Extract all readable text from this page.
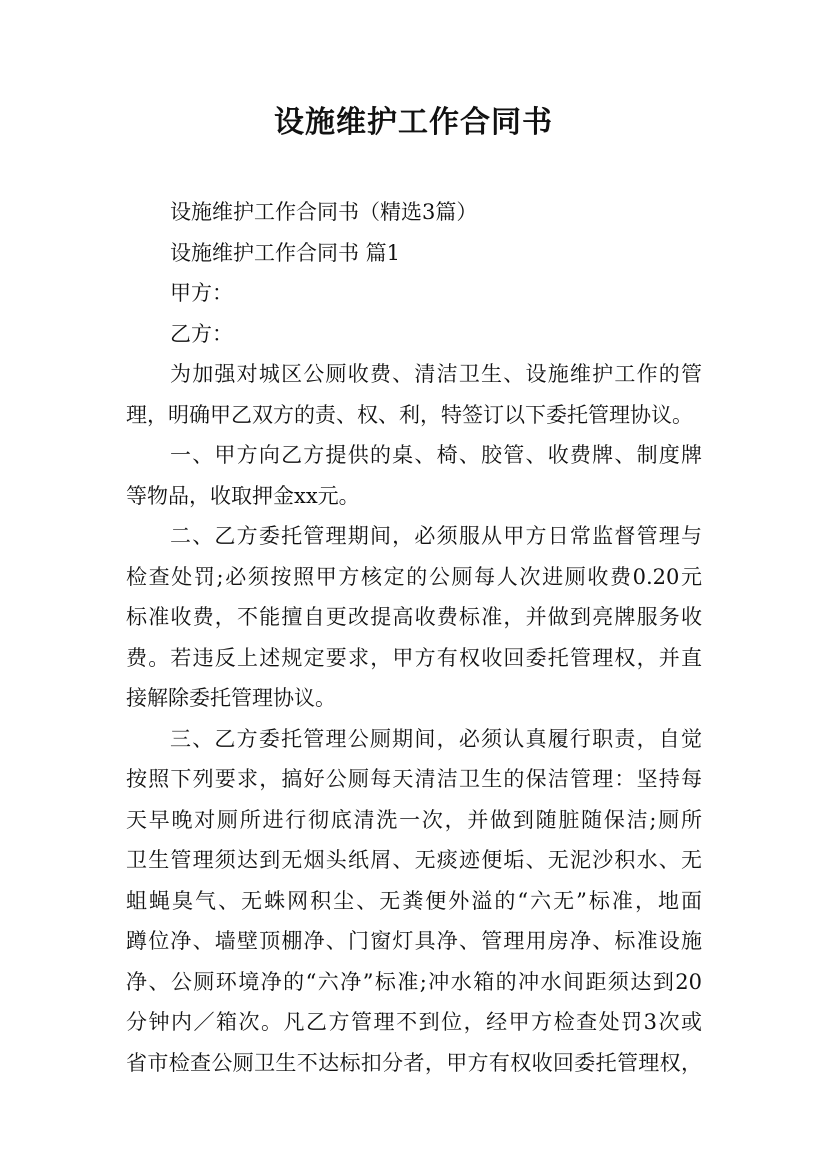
设施维护工作合同书

设施维护工作合同书（精选3篇）

设施维护工作合同书 篇1

甲方：

乙方：

为加强对城区公厕收费、清洁卫生、设施维护工作的管

理，明确甲乙双方的责、权、利，特签订以下委托管理协议。

一、甲方向乙方提供的桌、椅、胶管、收费牌、制度牌

等物品，收取押金xx元。

二、乙方委托管理期间，必须服从甲方日常监督管理与

检查处罚;必须按照甲方核定的公厕每人次进厕收费0.20元

标准收费，不能擅自更改提高收费标准，并做到亮牌服务收

费。若违反上述规定要求，甲方有权收回委托管理权，并直

接解除委托管理协议。

三、乙方委托管理公厕期间，必须认真履行职责，自觉

按照下列要求，搞好公厕每天清洁卫生的保洁管理：坚持每

天早晚对厕所进行彻底清洗一次，并做到随脏随保洁;厕所

卫生管理须达到无烟头纸屑、无痰迹便垢、无泥沙积水、无

蛆蝇臭气、无蛛网积尘、无粪便外溢的“六无”标准，地面

蹲位净、墙壁顶棚净、门窗灯具净、管理用房净、标准设施

净、公厕环境净的“六净”标准;冲水箱的冲水间距须达到20

分钟内／箱次。凡乙方管理不到位，经甲方检查处罚3次或

省市检查公厕卫生不达标扣分者，甲方有权收回委托管理权，
